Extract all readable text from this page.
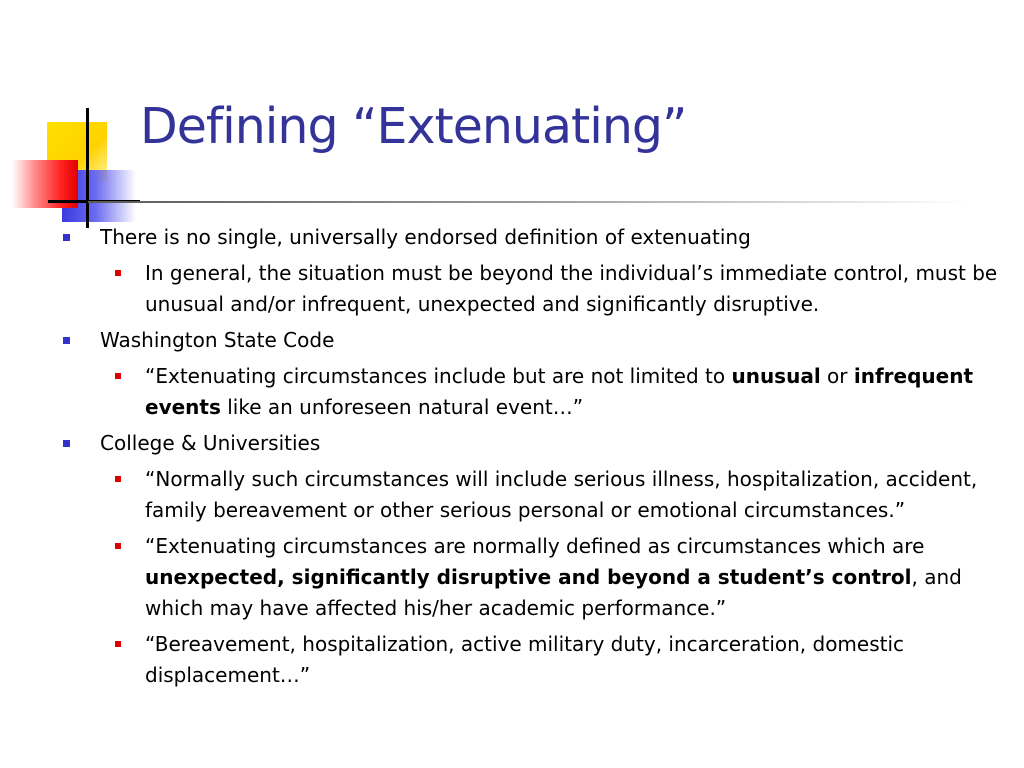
Defining “Extenuating”
There is no single, universally endorsed definition of extenuating
In general, the situation must be beyond the individual’s immediate control, must be unusual and/or infrequent, unexpected and significantly disruptive.
Washington State Code
“Extenuating circumstances include but are not limited to unusual or infrequent events like an unforeseen natural event…”
College & Universities
“Normally such circumstances will include serious illness, hospitalization, accident, family bereavement or other serious personal or emotional circumstances.”
“Extenuating circumstances are normally defined as circumstances which are unexpected, significantly disruptive and beyond a student’s control, and which may have affected his/her academic performance.”
“Bereavement, hospitalization, active military duty, incarceration, domestic displacement…”
